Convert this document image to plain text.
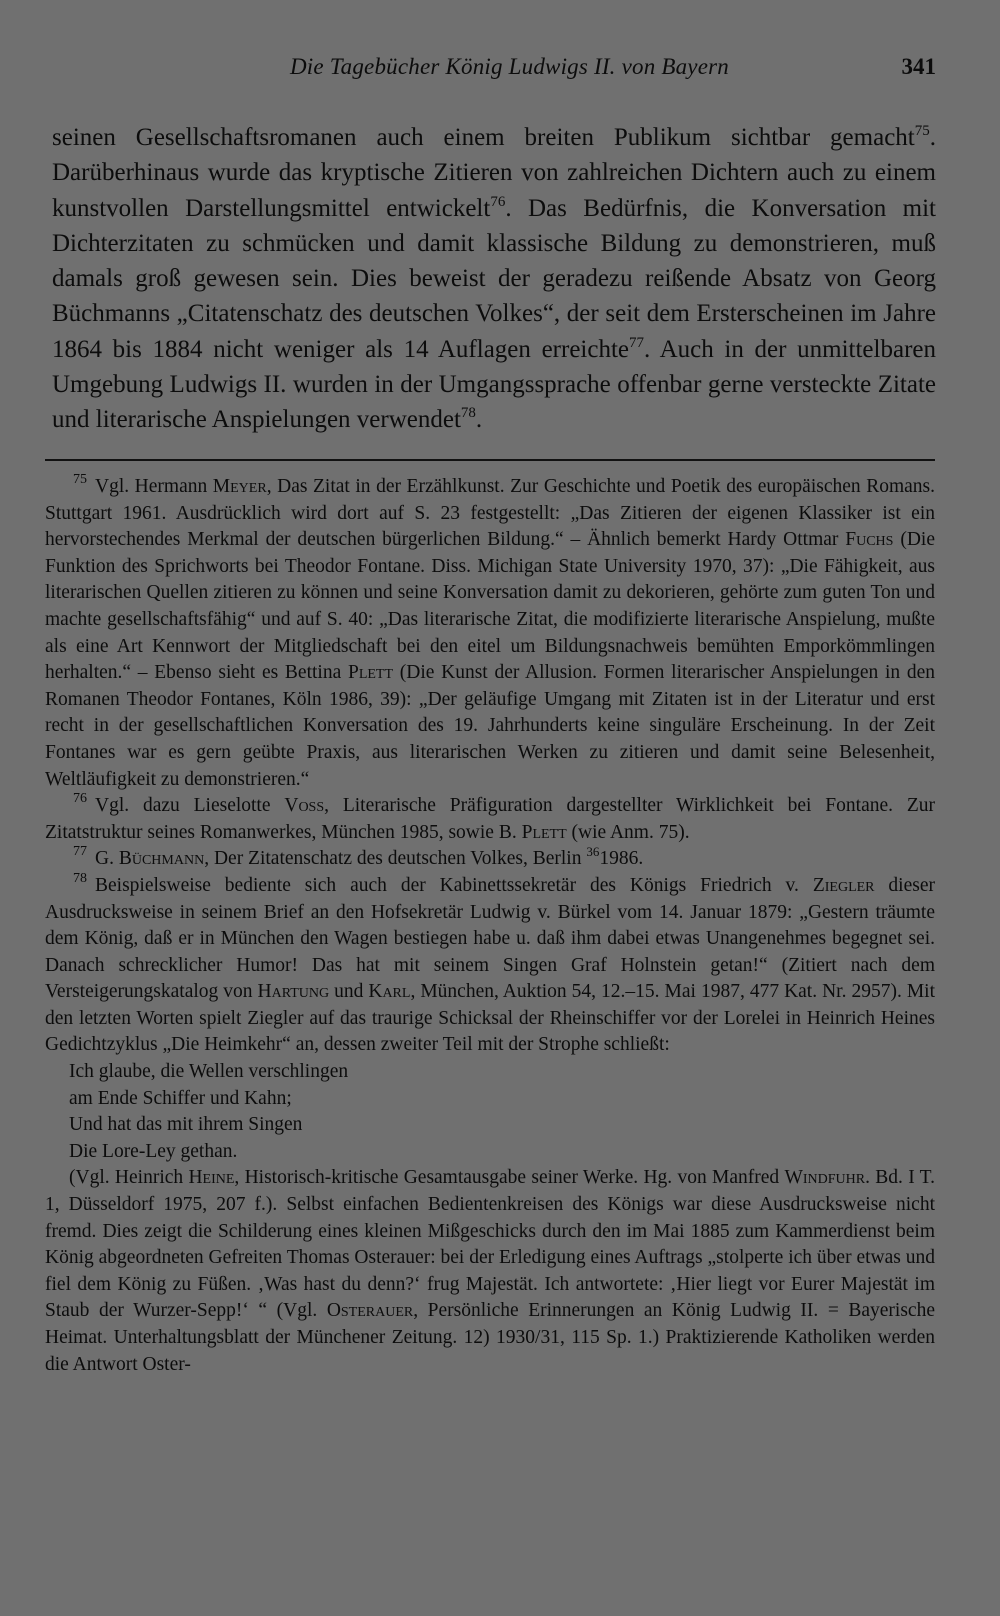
Die Tagebücher König Ludwigs II. von Bayern	341

seinen Gesellschaftsromanen auch einem breiten Publikum sichtbar gemacht$^{75}$. Darüberhinaus wurde das kryptische Zitieren von zahlreichen Dichtern auch zu einem kunstvollen Darstellungsmittel entwickelt$^{76}$. Das Bedürfnis, die Konversation mit Dichterzitaten zu schmücken und damit klassische Bildung zu demonstrieren, muß damals groß gewesen sein. Dies beweist der geradezu reißende Absatz von Georg Büchmanns „Citatenschatz des deutschen Volkes“, der seit dem Ersterscheinen im Jahre 1864 bis 1884 nicht weniger als 14 Auflagen erreichte$^{77}$. Auch in der unmittelbaren Umgebung Ludwigs II. wurden in der Umgangssprache offenbar gerne versteckte Zitate und literarische Anspielungen verwendet$^{78}$.

75 Vgl. Hermann Meyer, Das Zitat in der Erzählkunst. Zur Geschichte und Poetik des europäischen Romans. Stuttgart 1961. Ausdrücklich wird dort auf S. 23 festgestellt: „Das Zitieren der eigenen Klassiker ist ein hervorstechendes Merkmal der deutschen bürgerlichen Bildung.“ – Ähnlich bemerkt Hardy Ottmar Fuchs (Die Funktion des Sprichworts bei Theodor Fontane. Diss. Michigan State University 1970, 37): „Die Fähigkeit, aus literarischen Quellen zitieren zu können und seine Konversation damit zu dekorieren, gehörte zum guten Ton und machte gesellschaftsfähig“ und auf S. 40: „Das literarische Zitat, die modifizierte literarische Anspielung, mußte als eine Art Kennwort der Mitgliedschaft bei den eitel um Bildungsnachweis bemühten Emporkömmlingen herhalten.“ – Ebenso sieht es Bettina Plett (Die Kunst der Allusion. Formen literarischer Anspielungen in den Romanen Theodor Fontanes, Köln 1986, 39): „Der geläufige Umgang mit Zitaten ist in der Literatur und erst recht in der gesellschaftlichen Konversation des 19. Jahrhunderts keine singuläre Erscheinung. In der Zeit Fontanes war es gern geübte Praxis, aus literarischen Werken zu zitieren und damit seine Belesenheit, Weltläufigkeit zu demonstrieren.“

76 Vgl. dazu Lieselotte Voss, Literarische Präfiguration dargestellter Wirklichkeit bei Fontane. Zur Zitatstruktur seines Romanwerkes, München 1985, sowie B. Plett (wie Anm. 75).

77 G. Büchmann, Der Zitatenschatz des deutschen Volkes, Berlin $^{36}$1986.

78 Beispielsweise bediente sich auch der Kabinettssekretär des Königs Friedrich v. Ziegler dieser Ausdrucksweise in seinem Brief an den Hofsekretär Ludwig v. Bürkel vom 14. Januar 1879: „Gestern träumte dem König, daß er in München den Wagen bestiegen habe u. daß ihm dabei etwas Unangenehmes begegnet sei. Danach schrecklicher Humor! Das hat mit seinem Singen Graf Holnstein getan!“ (Zitiert nach dem Versteigerungskatalog von Hartung und Karl, München, Auktion 54, 12.–15. Mai 1987, 477 Kat. Nr. 2957). Mit den letzten Worten spielt Ziegler auf das traurige Schicksal der Rheinschiffer vor der Lorelei in Heinrich Heines Gedichtzyklus „Die Heimkehr“ an, dessen zweiter Teil mit der Strophe schließt:

Ich glaube, die Wellen verschlingen
am Ende Schiffer und Kahn;
Und hat das mit ihrem Singen
Die Lore-Ley gethan.

(Vgl. Heinrich Heine, Historisch-kritische Gesamtausgabe seiner Werke. Hg. von Manfred Windfuhr. Bd. I T. 1, Düsseldorf 1975, 207 f.). Selbst einfachen Bedientenkreisen des Königs war diese Ausdrucksweise nicht fremd. Dies zeigt die Schilderung eines kleinen Mißgeschicks durch den im Mai 1885 zum Kammerdienst beim König abgeordneten Gefreiten Thomas Osterauer: bei der Erledigung eines Auftrags „stolperte ich über etwas und fiel dem König zu Füßen. ‚Was hast du denn?‘ frug Majestät. Ich antwortete: ‚Hier liegt vor Eurer Majestät im Staub der Wurzer-Sepp!‘ “ (Vgl. Osterauer, Persönliche Erinnerungen an König Ludwig II. = Bayerische Heimat. Unterhaltungsblatt der Münchener Zeitung. 12) 1930/31, 115 Sp. 1.) Praktizierende Katholiken werden die Antwort Oster-
